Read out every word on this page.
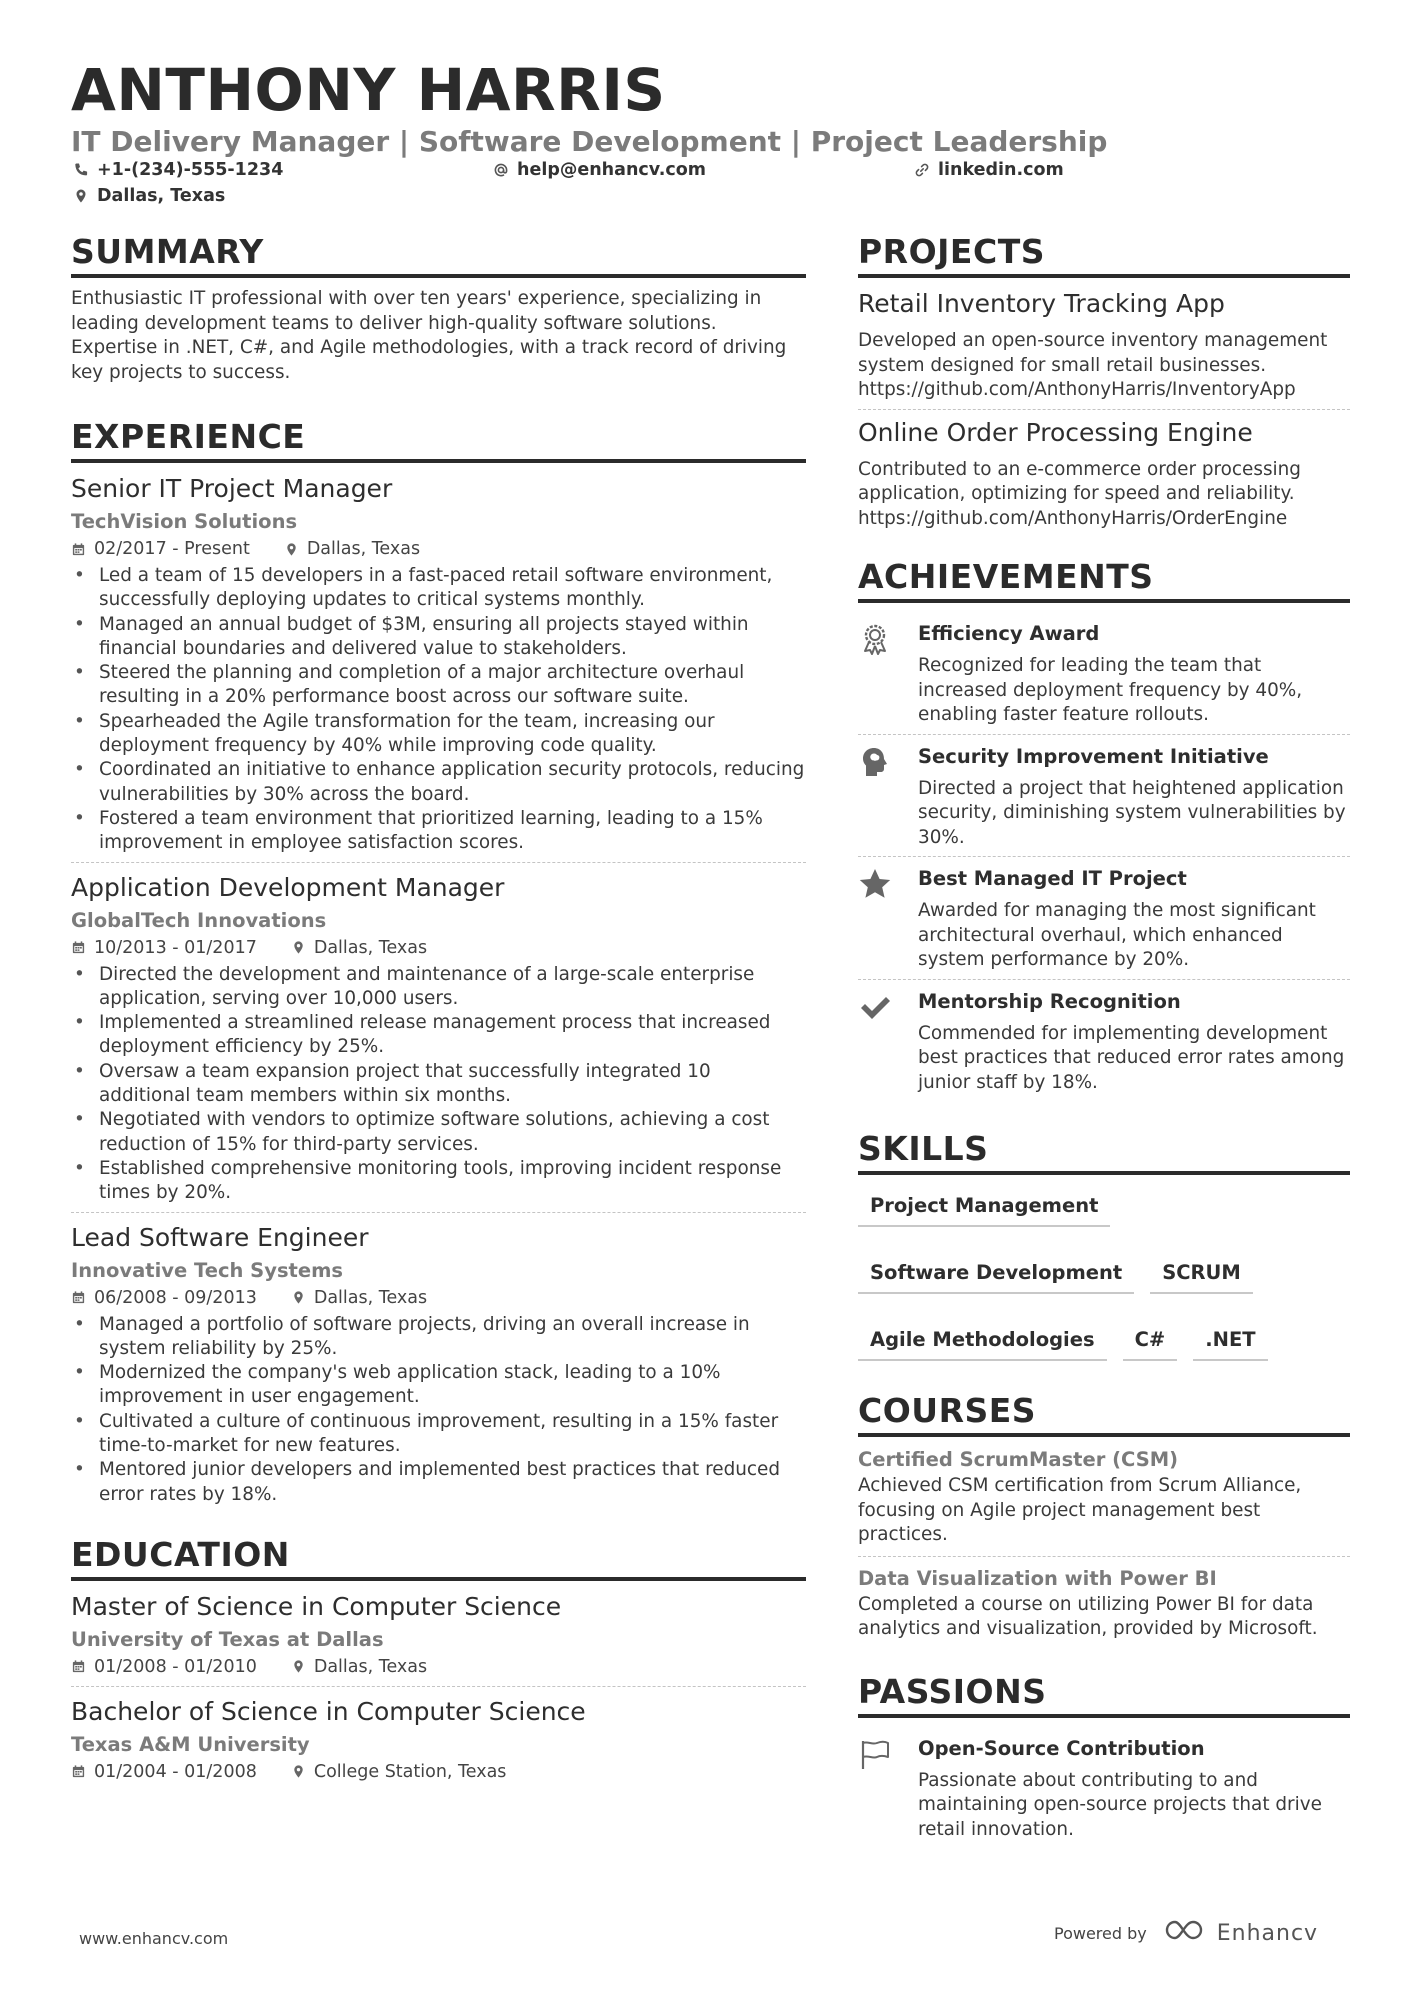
ANTHONY HARRIS
IT Delivery Manager | Software Development | Project Leadership
+1-(234)-555-1234	help@enhancv.com	linkedin.com
Dallas, Texas
SUMMARY

Enthusiastic IT professional with over ten years' experience, specializing in leading development teams to deliver high-quality software solutions. Expertise in .NET, C#, and Agile methodologies, with a track record of driving key projects to success.

EXPERIENCE
Senior IT Project Manager
TechVision Solutions
02/2017 - Present	Dallas, Texas
• Led a team of 15 developers in a fast-paced retail software environment, successfully deploying updates to critical systems monthly.
• Managed an annual budget of $3M, ensuring all projects stayed within financial boundaries and delivered value to stakeholders.
• Steered the planning and completion of a major architecture overhaul resulting in a 20% performance boost across our software suite.
• Spearheaded the Agile transformation for the team, increasing our deployment frequency by 40% while improving code quality.
• Coordinated an initiative to enhance application security protocols, reducing vulnerabilities by 30% across the board.
• Fostered a team environment that prioritized learning, leading to a 15% improvement in employee satisfaction scores.
Application Development Manager
GlobalTech Innovations
10/2013 - 01/2017	Dallas, Texas
• Directed the development and maintenance of a large-scale enterprise application, serving over 10,000 users.
• Implemented a streamlined release management process that increased deployment efficiency by 25%.
• Oversaw a team expansion project that successfully integrated 10 additional team members within six months.
• Negotiated with vendors to optimize software solutions, achieving a cost reduction of 15% for third-party services.
• Established comprehensive monitoring tools, improving incident response times by 20%.
Lead Software Engineer
Innovative Tech Systems
06/2008 - 09/2013	Dallas, Texas
• Managed a portfolio of software projects, driving an overall increase in system reliability by 25%.
• Modernized the company's web application stack, leading to a 10% improvement in user engagement.
• Cultivated a culture of continuous improvement, resulting in a 15% faster time-to-market for new features.
• Mentored junior developers and implemented best practices that reduced error rates by 18%.
EDUCATION
Master of Science in Computer Science
University of Texas at Dallas
01/2008 - 01/2010	Dallas, Texas
Bachelor of Science in Computer Science
Texas A&M University
01/2004 - 01/2008	College Station, Texas
PROJECTS
Retail Inventory Tracking App

Developed an open-source inventory management system designed for small retail businesses.

https://github.com/AnthonyHarris/InventoryApp

Online Order Processing Engine

Contributed to an e-commerce order processing application, optimizing for speed and reliability.

https://github.com/AnthonyHarris/OrderEngine

ACHIEVEMENTS
Efficiency Award

Recognized for leading the team that increased deployment frequency by 40%, enabling faster feature rollouts.

Security Improvement Initiative

Directed a project that heightened application security, diminishing system vulnerabilities by 30%.

Best Managed IT Project

Awarded for managing the most significant architectural overhaul, which enhanced system performance by 20%.

Mentorship Recognition

Commended for implementing development best practices that reduced error rates among junior staff by 18%.

SKILLS
Project Management
Software Development	SCRUM
Agile Methodologies	C#	.NET
COURSES
Certified ScrumMaster (CSM)

Achieved CSM certification from Scrum Alliance, focusing on Agile project management best practices.

Data Visualization with Power BI

Completed a course on utilizing Power BI for data analytics and visualization, provided by Microsoft.

PASSIONS
Open-Source Contribution

Passionate about contributing to and maintaining open-source projects that drive retail innovation.

www.enhancv.com	Powered by	Enhancv
